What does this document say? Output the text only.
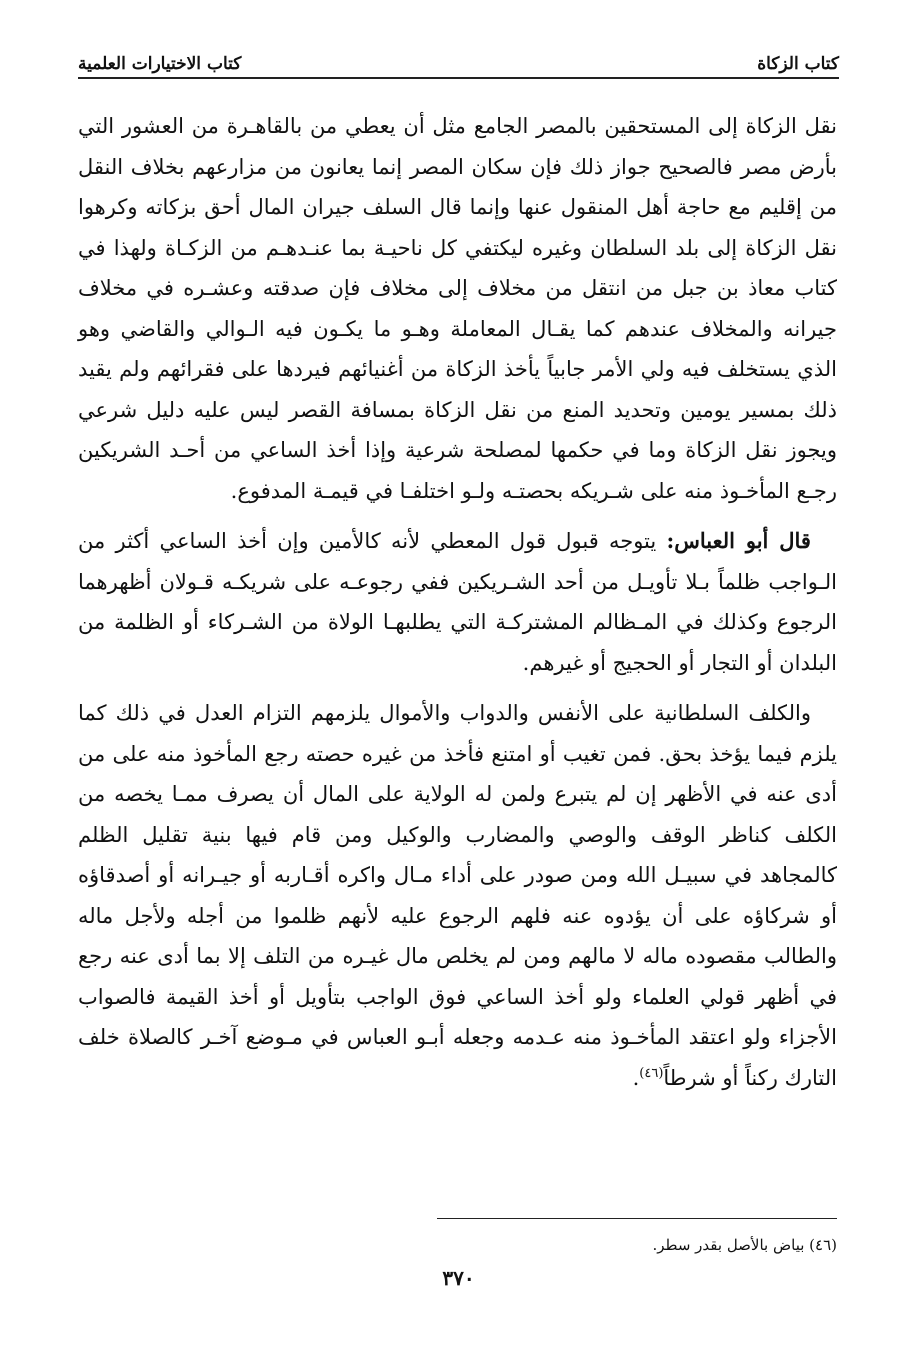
كتاب الزكاة
كتاب الاختيارات العلمية

نقل الزكاة إلى المستحقين بالمصر الجامع مثل أن يعطي من بالقاهـرة من العشور التي بأرض مصر فالصحيح جواز ذلك فإن سكان المصر إنما يعانون من مزارعهم بخلاف النقل من إقليم مع حاجة أهل المنقول عنها وإنما قال السلف جيران المال أحق بزكاته وكرهوا نقل الزكاة إلى بلد السلطان وغيره ليكتفي كل ناحيـة بما عنـدهـم من الزكـاة ولهذا في كتاب معاذ بن جبل من انتقل من مخلاف إلى مخلاف فإن صدقته وعشـره في مخلاف جيرانه والمخلاف عندهم كما يقـال المعاملة وهـو ما يكـون فيه الـوالي والقاضي وهو الذي يستخلف فيه ولي الأمر جابياً يأخذ الزكاة من أغنيائهم فيردها على فقرائهم ولم يقيد ذلك بمسير يومين وتحديد المنع من نقل الزكاة بمسافة القصر ليس عليه دليل شرعي ويجوز نقل الزكاة وما في حكمها لمصلحة شرعية وإذا أخذ الساعي من أحـد الشريكين رجـع المأخـوذ منه على شـريكه بحصتـه ولـو اختلفـا في قيمـة المدفوع.

قال أبو العباس: يتوجه قبول قول المعطي لأنه كالأمين وإن أخذ الساعي أكثر من الـواجب ظلماً بـلا تأويـل من أحد الشـريكين ففي رجوعـه على شريكـه قـولان أظهرهما الرجوع وكذلك في المـظالم المشتركـة التي يطلبهـا الولاة من الشـركاء أو الظلمة من البلدان أو التجار أو الحجيج أو غيرهم.

والكلف السلطانية على الأنفس والدواب والأموال يلزمهم التزام العدل في ذلك كما يلزم فيما يؤخذ بحق. فمن تغيب أو امتنع فأخذ من غيره حصته رجع المأخوذ منه على من أدى عنه في الأظهر إن لم يتبرع ولمن له الولاية على المال أن يصرف ممـا يخصه من الكلف كناظر الوقف والوصي والمضارب والوكيل ومن قام فيها بنية تقليل الظلم كالمجاهد في سبيـل الله ومن صودر على أداء مـال واكره أقـاربه أو جيـرانه أو أصدقاؤه أو شركاؤه على أن يؤدوه عنه فلهم الرجوع عليه لأنهم ظلموا من أجله ولأجل ماله والطالب مقصوده ماله لا مالهم ومن لم يخلص مال غيـره من التلف إلا بما أدى عنه رجع في أظهر قولي العلماء ولو أخذ الساعي فوق الواجب بتأويل أو أخذ القيمة فالصواب الأجزاء ولو اعتقد المأخـوذ منه عـدمه وجعله أبـو العباس في مـوضع آخـر كالصلاة خلف التارك ركناً أو شرطاً$^{(٤٦)}$.

(٤٦) بياض بالأصل بقدر سطر.
٣٧٠
